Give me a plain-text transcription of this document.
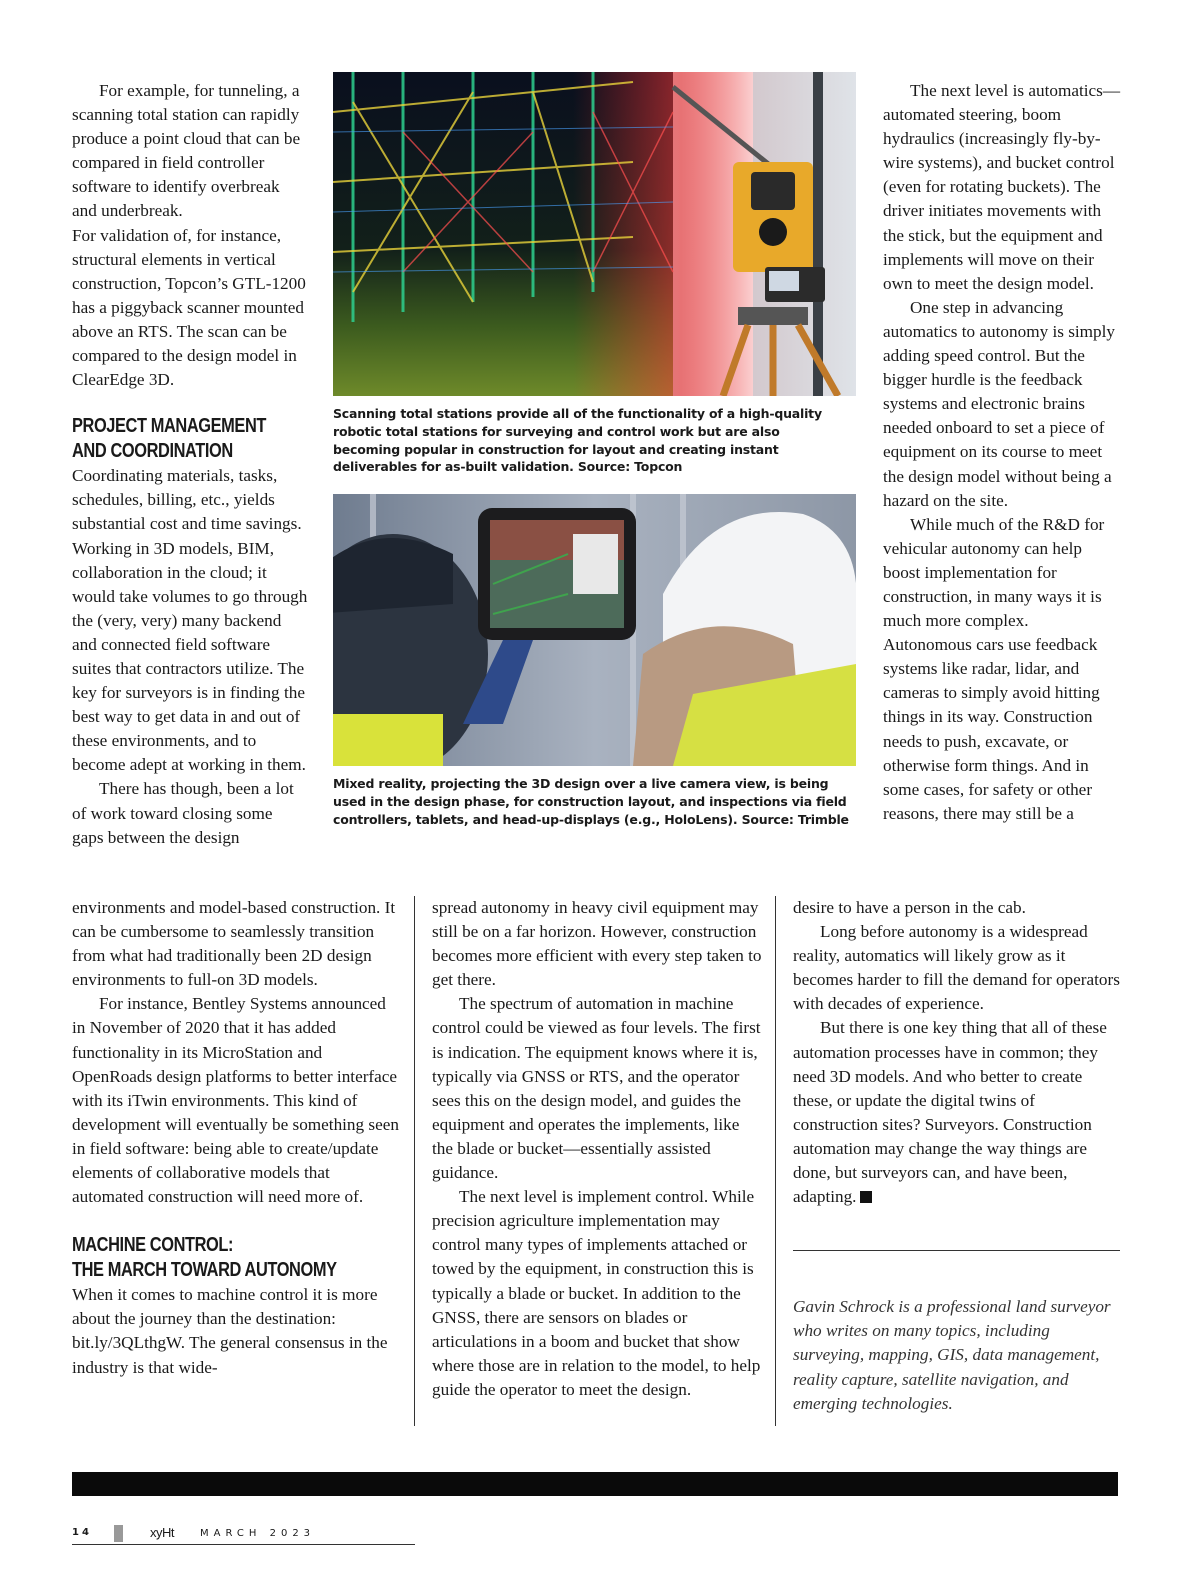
For example, for tunneling, a scanning total station can rapidly produce a point cloud that can be compared in field controller software to identify overbreak and underbreak.

For validation of, for instance, structural elements in vertical construction, Topcon’s GTL-1200 has a piggyback scanner mounted above an RTS. The scan can be compared to the design model in ClearEdge 3D.

PROJECT MANAGEMENT

AND COORDINATION

Coordinating materials, tasks, schedules, billing, etc., yields substantial cost and time savings. Working in 3D models, BIM, collaboration in the cloud; it would take volumes to go through the (very, very) many backend and connected field software suites that contractors utilize. The key for surveyors is in finding the best way to get data in and out of these environments, and to become adept at working in them.

There has though, been a lot of work toward closing some gaps between the design

Scanning total stations provide all of the functionality of a high-quality robotic total stations for surveying and control work but are also becoming popular in construction for layout and creating instant deliverables for as-built validation. Source: Topcon

Mixed reality, projecting the 3D design over a live camera view, is being used in the design phase, for construction layout, and inspections via field controllers, tablets, and head-up-displays (e.g., HoloLens). Source: Trimble

The next level is automatics—automated steering, boom hydraulics (increasingly fly-by-wire systems), and bucket control (even for rotating buckets). The driver initiates movements with the stick, but the equipment and implements will move on their own to meet the design model.

One step in advancing automatics to autonomy is simply adding speed control. But the bigger hurdle is the feedback systems and electronic brains needed onboard to set a piece of equipment on its course to meet the design model without being a hazard on the site.

While much of the R&D for vehicular autonomy can help boost implementation for construction, in many ways it is much more complex. Autonomous cars use feedback systems like radar, lidar, and cameras to simply avoid hitting things in its way. Construction needs to push, excavate, or otherwise form things. And in some cases, for safety or other reasons, there may still be a

environments and model-based construction. It can be cumbersome to seamlessly transition from what had traditionally been 2D design environments to full-on 3D models.

For instance, Bentley Systems announced in November of 2020 that it has added functionality in its MicroStation and OpenRoads design platforms to better interface with its iTwin environments. This kind of development will eventually be something seen in field software: being able to create/update elements of collaborative models that automated construction will need more of.

MACHINE CONTROL:

THE MARCH TOWARD AUTONOMY

When it comes to machine control it is more about the journey than the destination: bit.ly/3QLthgW. The general consensus in the industry is that wide-

spread autonomy in heavy civil equipment may still be on a far horizon. However, construction becomes more efficient with every step taken to get there.

The spectrum of automation in machine control could be viewed as four levels. The first is indication. The equipment knows where it is, typically via GNSS or RTS, and the operator sees this on the design model, and guides the equipment and operates the implements, like the blade or bucket—essentially assisted guidance.

The next level is implement control. While precision agriculture implementation may control many types of implements attached or towed by the equipment, in construction this is typically a blade or bucket. In addition to the GNSS, there are sensors on blades or articulations in a boom and bucket that show where those are in relation to the model, to help guide the operator to meet the design.

desire to have a person in the cab.

Long before autonomy is a widespread reality, automatics will likely grow as it becomes harder to fill the demand for operators with decades of experience.

But there is one key thing that all of these automation processes have in common; they need 3D models. And who better to create these, or update the digital twins of construction sites? Surveyors. Construction automation may change the way things are done, but surveyors can, and have been, adapting.

Gavin Schrock is a professional land surveyor who writes on many topics, including surveying, mapping, GIS, data management, reality capture, satellite navigation, and emerging technologies.

14	xyHt	MARCH 2023
